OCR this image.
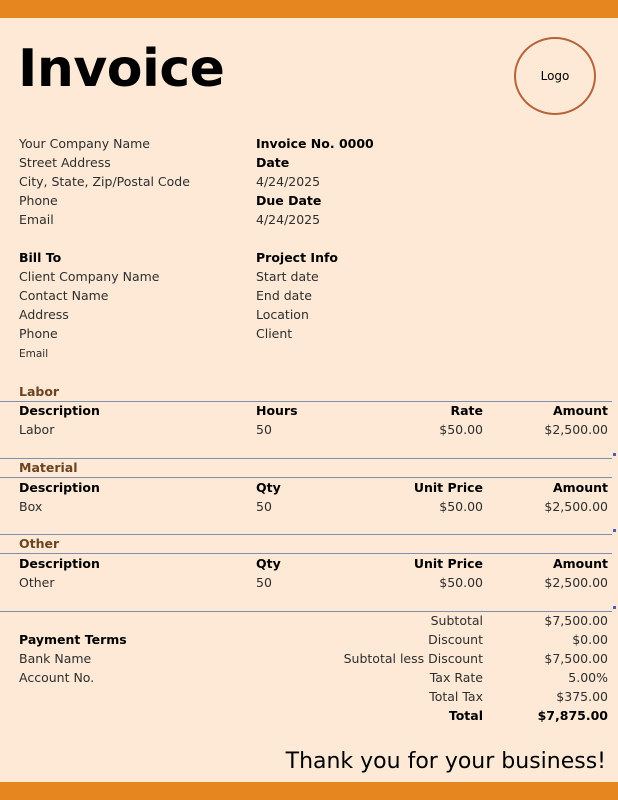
Invoice	Logo
Your Company Name
Street Address
City, State, Zip/Postal Code
Phone
Email
Invoice No. 0000
Date
4/24/2025
Due Date
4/24/2025
Bill To
Client Company Name
Contact Name
Address
Phone
Email
Project Info
Start date
End date
Location
Client
Labor
Description	Hours	Rate	Amount
Labor	50	$50.00	$2,500.00
Material
Description	Qty	Unit Price	Amount
Box	50	$50.00	$2,500.00
Other
Description	Qty	Unit Price	Amount
Other	50	$50.00	$2,500.00
Payment Terms
Bank Name
Account No.
Subtotal	$7,500.00
Discount	$0.00
Subtotal less Discount	$7,500.00
Tax Rate	5.00%
Total Tax	$375.00
Total	$7,875.00
Thank you for your business!
